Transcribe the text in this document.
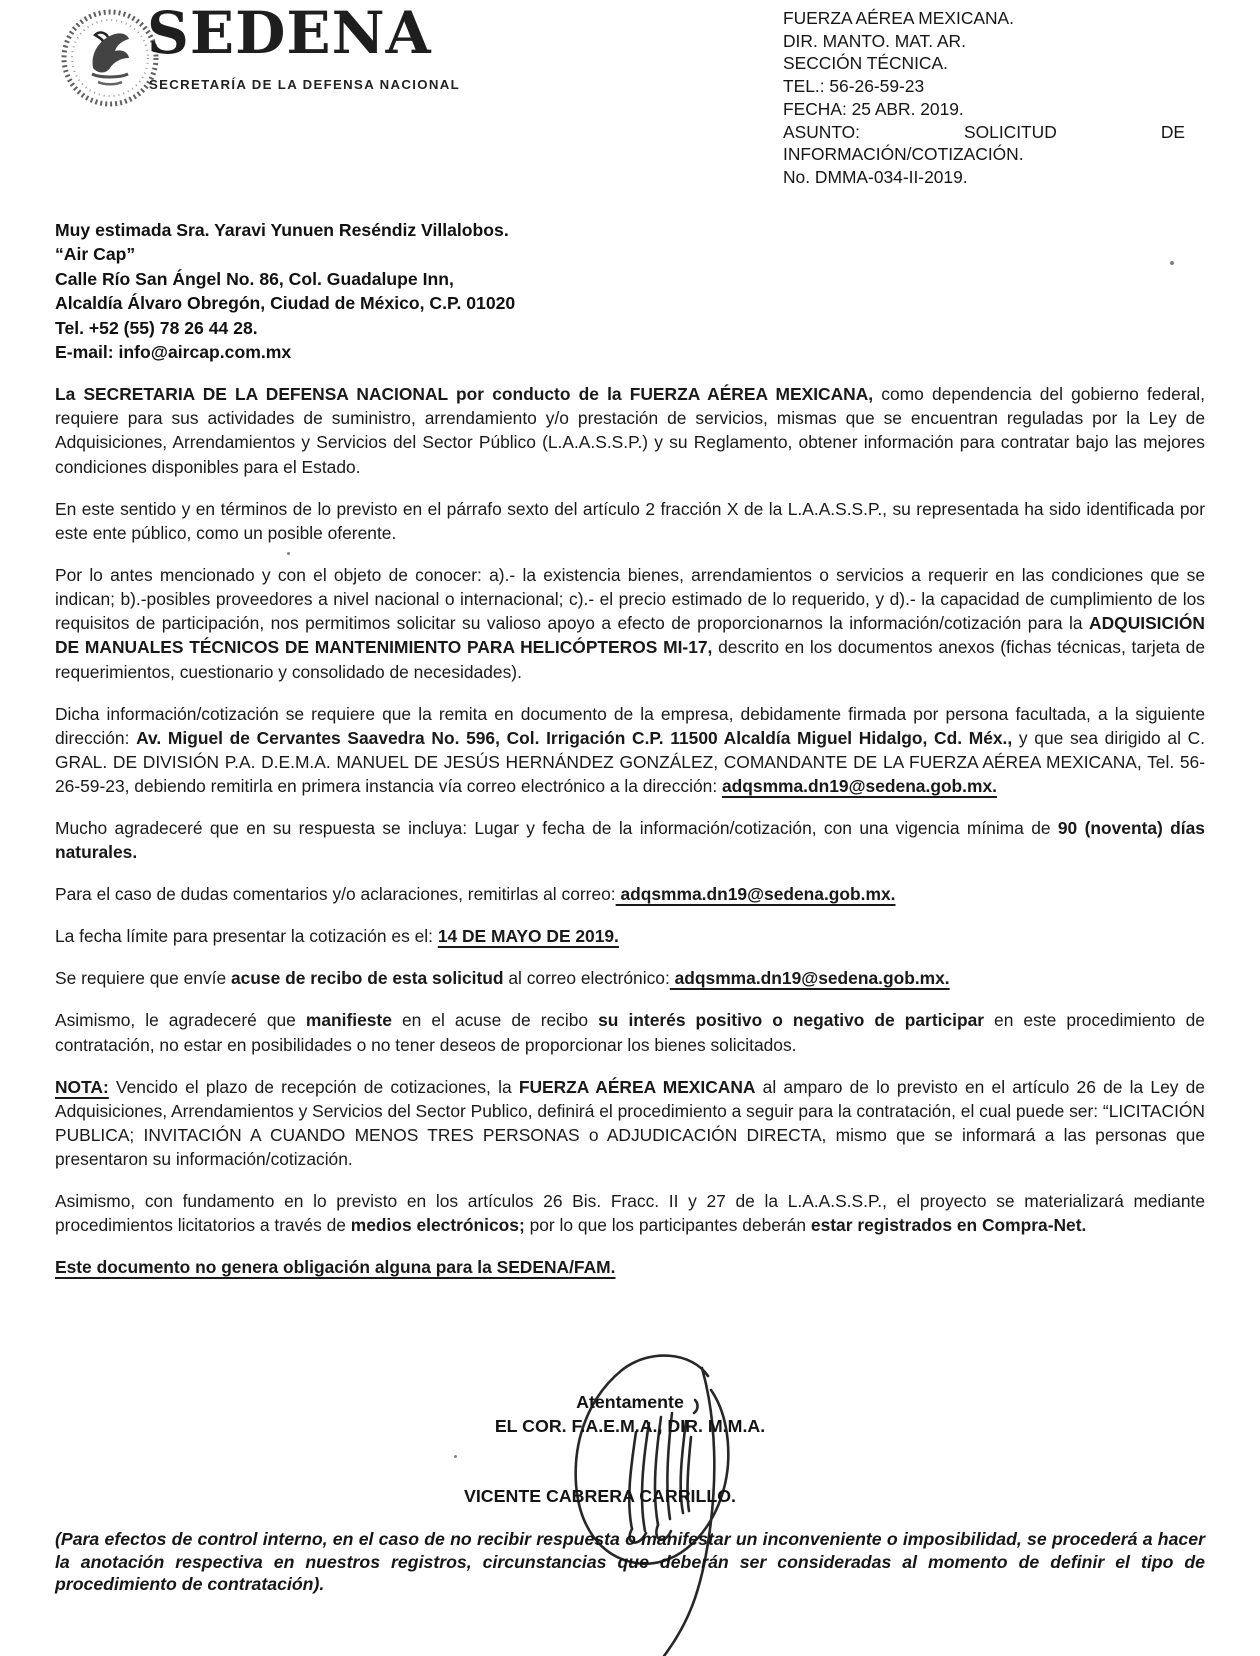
SEDENA
SECRETARÍA DE LA DEFENSA NACIONAL
FUERZA AÉREA MEXICANA.
DIR. MANTO. MAT. AR.
SECCIÓN TÉCNICA.
TEL.: 56-26-59-23
FECHA: 25 ABR. 2019.
ASUNTO:	SOLICITUD	DE
INFORMACIÓN/COTIZACIÓN.
No. DMMA-034-II-2019.
Muy estimada Sra. Yaravi Yunuen Reséndiz Villalobos.
“Air Cap”
Calle Río San Ángel No. 86, Col. Guadalupe Inn,
Alcaldía Álvaro Obregón, Ciudad de México, C.P. 01020
Tel. +52 (55) 78 26 44 28.
E-mail: info@aircap.com.mx

La SECRETARIA DE LA DEFENSA NACIONAL por conducto de la FUERZA AÉREA MEXICANA, como dependencia del gobierno federal, requiere para sus actividades de suministro, arrendamiento y/o prestación de servicios, mismas que se encuentran reguladas por la Ley de Adquisiciones, Arrendamientos y Servicios del Sector Público (L.A.A.S.S.P.) y su Reglamento, obtener información para contratar bajo las mejores condiciones disponibles para el Estado.

En este sentido y en términos de lo previsto en el párrafo sexto del artículo 2 fracción X de la L.A.A.S.S.P., su representada ha sido identificada por este ente público, como un posible oferente.

Por lo antes mencionado y con el objeto de conocer: a).- la existencia bienes, arrendamientos o servicios a requerir en las condiciones que se indican; b).-posibles proveedores a nivel nacional o internacional; c).- el precio estimado de lo requerido, y d).- la capacidad de cumplimiento de los requisitos de participación, nos permitimos solicitar su valioso apoyo a efecto de proporcionarnos la información/cotización para la ADQUISICIÓN DE MANUALES TÉCNICOS DE MANTENIMIENTO PARA HELICÓPTEROS MI-17, descrito en los documentos anexos (fichas técnicas, tarjeta de requerimientos, cuestionario y consolidado de necesidades).

Dicha información/cotización se requiere que la remita en documento de la empresa, debidamente firmada por persona facultada, a la siguiente dirección: Av. Miguel de Cervantes Saavedra No. 596, Col. Irrigación C.P. 11500 Alcaldía Miguel Hidalgo, Cd. Méx., y que sea dirigido al C. GRAL. DE DIVISIÓN P.A. D.E.M.A. MANUEL DE JESÚS HERNÁNDEZ GONZÁLEZ, COMANDANTE DE LA FUERZA AÉREA MEXICANA, Tel. 56-26-59-23, debiendo remitirla en primera instancia vía correo electrónico a la dirección: adqsmma.dn19@sedena.gob.mx.

Mucho agradeceré que en su respuesta se incluya: Lugar y fecha de la información/cotización, con una vigencia mínima de 90 (noventa) días naturales.

Para el caso de dudas comentarios y/o aclaraciones, remitirlas al correo: adqsmma.dn19@sedena.gob.mx.

La fecha límite para presentar la cotización es el: 14 DE MAYO DE 2019.

Se requiere que envíe acuse de recibo de esta solicitud al correo electrónico: adqsmma.dn19@sedena.gob.mx.

Asimismo, le agradeceré que manifieste en el acuse de recibo su interés positivo o negativo de participar en este procedimiento de contratación, no estar en posibilidades o no tener deseos de proporcionar los bienes solicitados.

NOTA: Vencido el plazo de recepción de cotizaciones, la FUERZA AÉREA MEXICANA al amparo de lo previsto en el artículo 26 de la Ley de Adquisiciones, Arrendamientos y Servicios del Sector Publico, definirá el procedimiento a seguir para la contratación, el cual puede ser: “LICITACIÓN PUBLICA; INVITACIÓN A CUANDO MENOS TRES PERSONAS o ADJUDICACIÓN DIRECTA, mismo que se informará a las personas que presentaron su información/cotización.

Asimismo, con fundamento en lo previsto en los artículos 26 Bis. Fracc. II y 27 de la L.A.A.S.S.P., el proyecto se materializará mediante procedimientos licitatorios a través de medios electrónicos; por lo que los participantes deberán estar registrados en Compra-Net.

Este documento no genera obligación alguna para la SEDENA/FAM.

Atentamente
EL COR. F.A.E.M.A., DIR. M.M.A.
VICENTE CABRERA CARRILLO.
(Para efectos de control interno, en el caso de no recibir respuesta o manifestar un inconveniente o imposibilidad, se procederá a hacer la anotación respectiva en nuestros registros, circunstancias que deberán ser consideradas al momento de definir el tipo de procedimiento de contratación).
